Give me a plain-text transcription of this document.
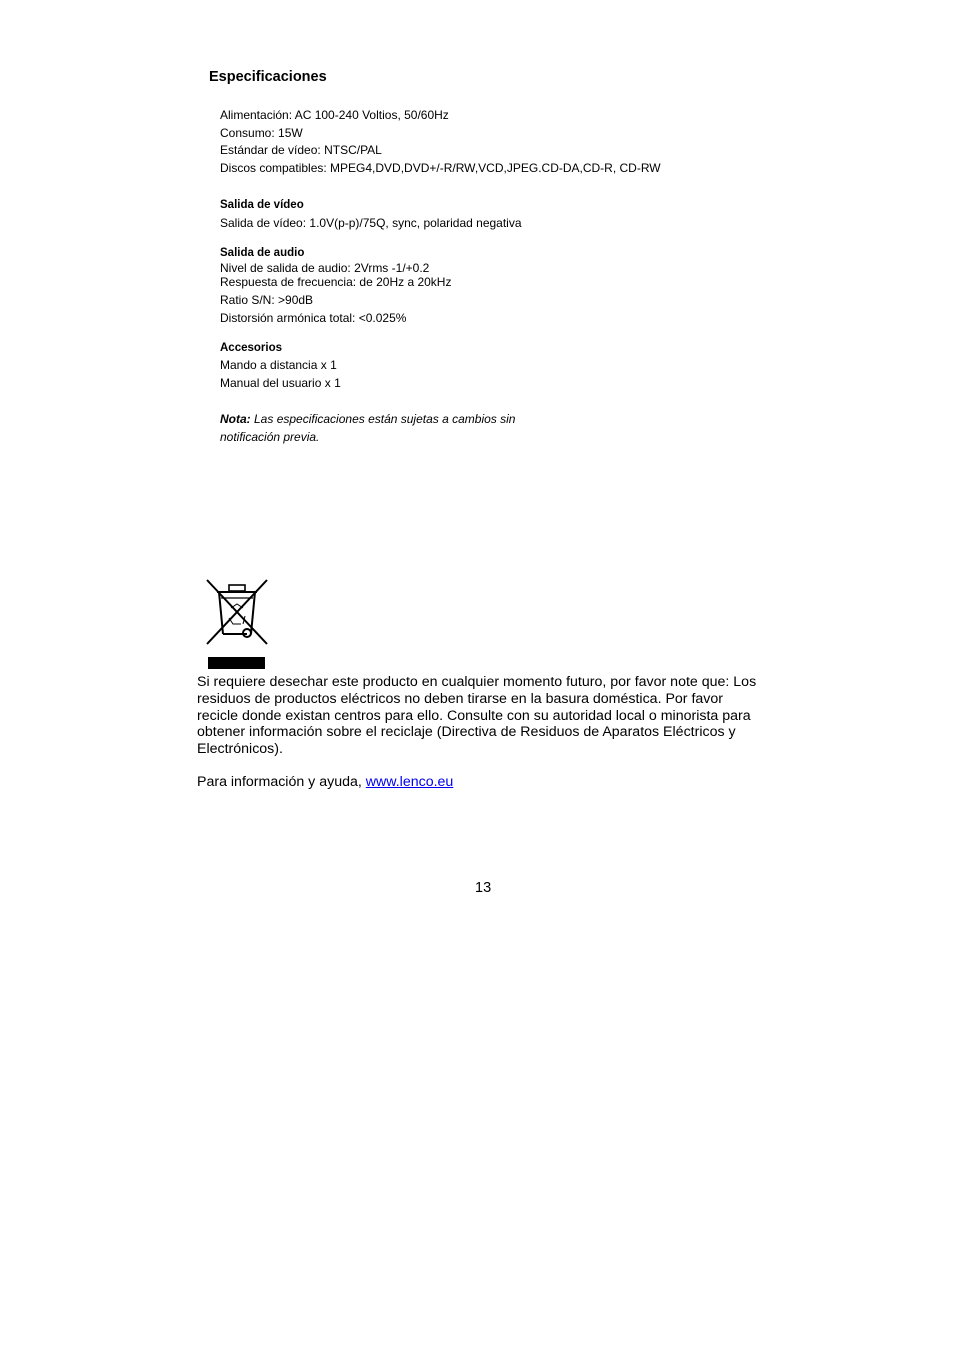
Especificaciones
Alimentación: AC 100-240 Voltios, 50/60Hz
Consumo: 15W
Estándar de vídeo: NTSC/PAL
Discos compatibles: MPEG4,DVD,DVD+/-R/RW,VCD,JPEG.CD-DA,CD-R, CD-RW
Salida de vídeo
Salida de vídeo: 1.0V(p-p)/75Q, sync, polaridad negativa
Salida de audio
Nivel de salida de audio: 2Vrms -1/+0.2
Respuesta de frecuencia: de 20Hz a 20kHz
Ratio S/N: >90dB
Distorsión armónica total: <0.025%
Accesorios
Mando a distancia x 1
Manual del usuario x 1
Nota: Las especificaciones están sujetas a cambios sin
notificación previa.
Si requiere desechar este producto en cualquier momento futuro, por favor note que: Los residuos de productos eléctricos no deben tirarse en la basura doméstica. Por favor recicle donde existan centros para ello. Consulte con su autoridad local o minorista para obtener información sobre el reciclaje (Directiva de Residuos de Aparatos Eléctricos y Electrónicos).
Para información y ayuda, www.lenco.eu
13
